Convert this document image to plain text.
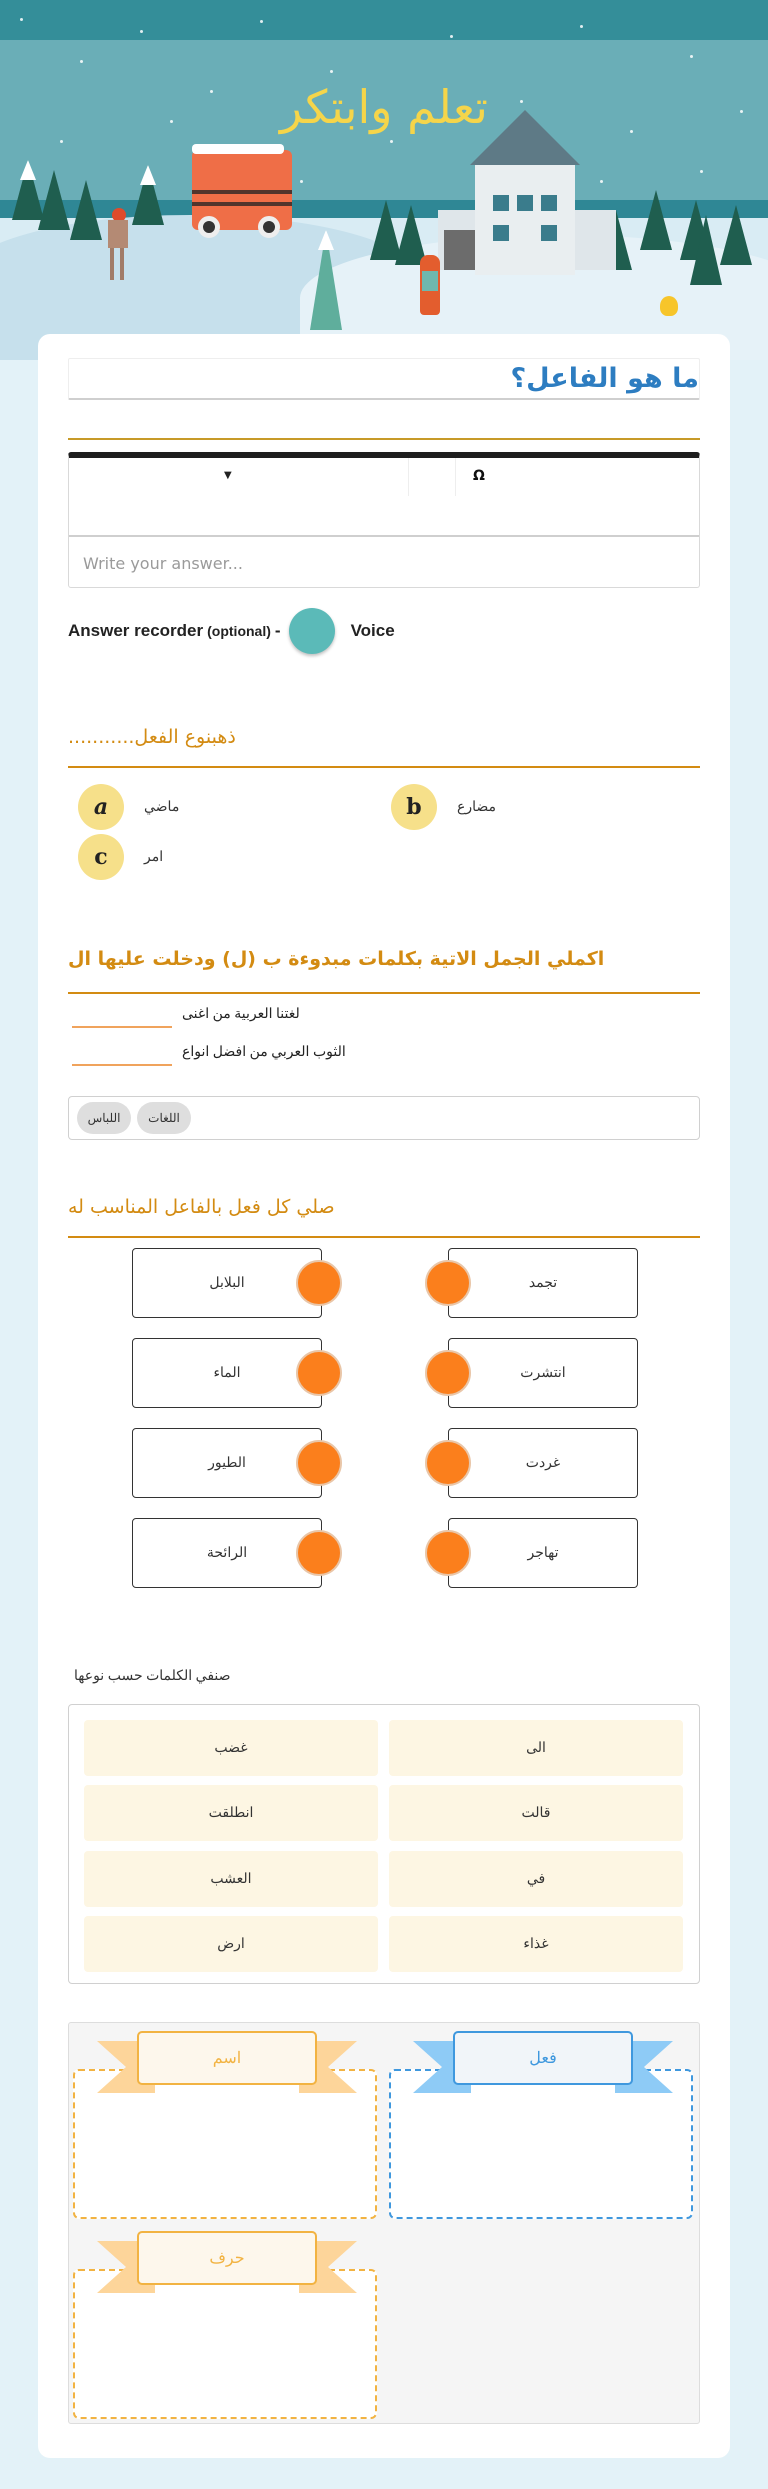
تعلم وابتكر
ما هو الفاعل؟
▼	Ω
Write your answer...
Answer recorder (optional) -	Voice
ذهبنوع الفعل...........
a	ماضي	b	مضارع
c	امر
اكملي الجمل الاتية بكلمات مبدوءة ب (ل) ودخلت عليها ال
لغتنا العربية من اغنى
الثوب العربي من افضل انواع
اللباس	اللغات
صلي كل فعل بالفاعل المناسب له
البلابل	تجمد
الماء	انتشرت
الطيور	غردت
الرائحة	تهاجر
صنفي الكلمات حسب نوعها
غضب	الى
انطلقت	قالت
العشب	في
ارض	غذاء
اسم	فعل
حرف
